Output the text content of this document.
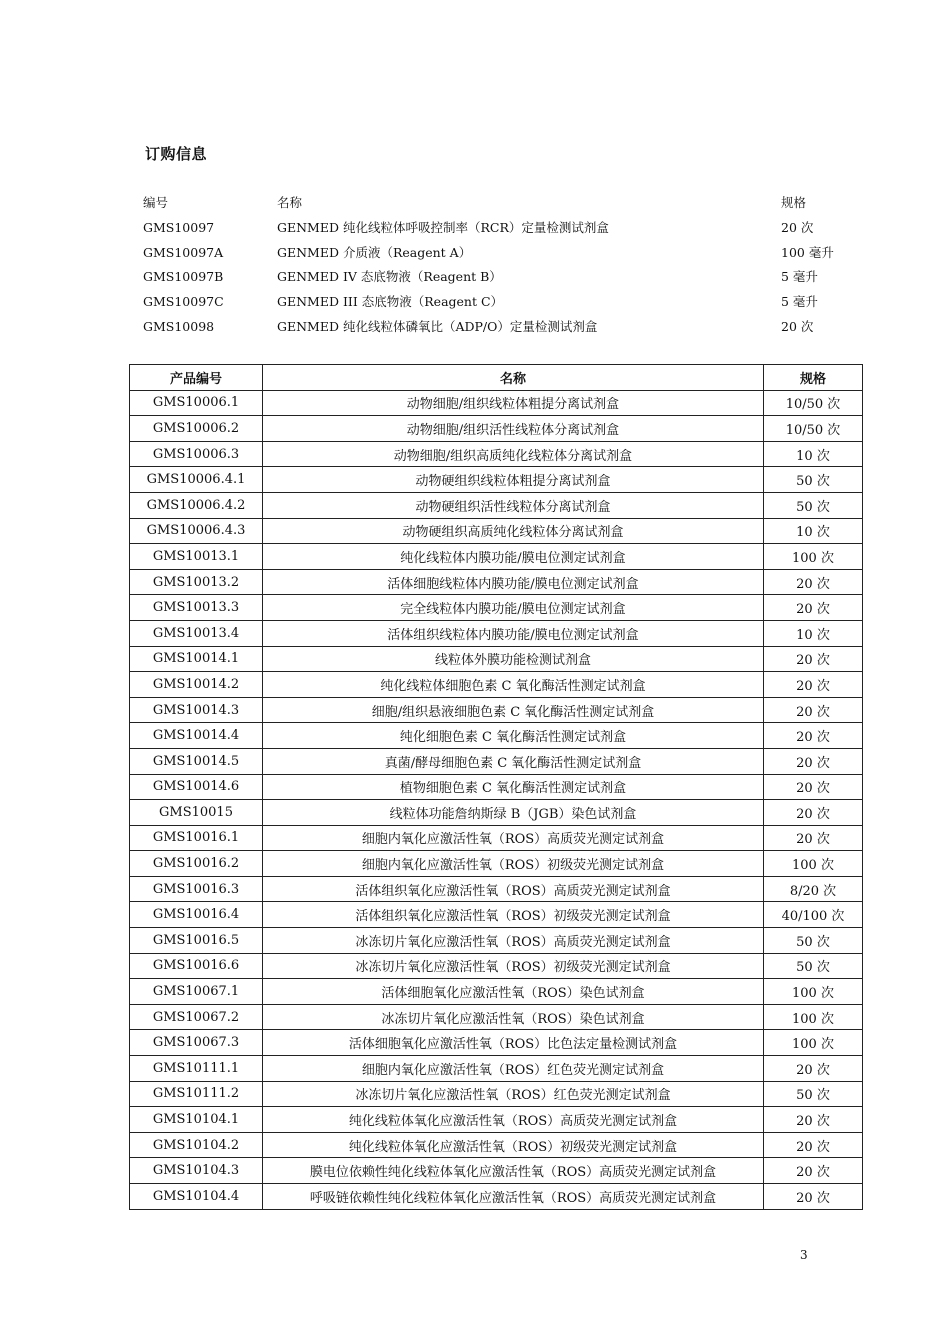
订购信息
编号	名称	规格
GMS10097	GENMED 纯化线粒体呼吸控制率（RCR）定量检测试剂盒	20 次
GMS10097A	GENMED 介质液（Reagent A）	100 毫升
GMS10097B	GENMED IV 态底物液（Reagent B）	5 毫升
GMS10097C	GENMED III 态底物液（Reagent C）	5 毫升
GMS10098	GENMED 纯化线粒体磷氧比（ADP/O）定量检测试剂盒	20 次
产品编号	名称	规格
GMS10006.1	动物细胞/组织线粒体粗提分离试剂盒	10/50 次
GMS10006.2	动物细胞/组织活性线粒体分离试剂盒	10/50 次
GMS10006.3	动物细胞/组织高质纯化线粒体分离试剂盒	10 次
GMS10006.4.1	动物硬组织线粒体粗提分离试剂盒	50 次
GMS10006.4.2	动物硬组织活性线粒体分离试剂盒	50 次
GMS10006.4.3	动物硬组织高质纯化线粒体分离试剂盒	10 次
GMS10013.1	纯化线粒体内膜功能/膜电位测定试剂盒	100 次
GMS10013.2	活体细胞线粒体内膜功能/膜电位测定试剂盒	20 次
GMS10013.3	完全线粒体内膜功能/膜电位测定试剂盒	20 次
GMS10013.4	活体组织线粒体内膜功能/膜电位测定试剂盒	10 次
GMS10014.1	线粒体外膜功能检测试剂盒	20 次
GMS10014.2	纯化线粒体细胞色素 C 氧化酶活性测定试剂盒	20 次
GMS10014.3	细胞/组织悬液细胞色素 C 氧化酶活性测定试剂盒	20 次
GMS10014.4	纯化细胞色素 C 氧化酶活性测定试剂盒	20 次
GMS10014.5	真菌/酵母细胞色素 C 氧化酶活性测定试剂盒	20 次
GMS10014.6	植物细胞色素 C 氧化酶活性测定试剂盒	20 次
GMS10015	线粒体功能詹纳斯绿 B（JGB）染色试剂盒	20 次
GMS10016.1	细胞内氧化应激活性氧（ROS）高质荧光测定试剂盒	20 次
GMS10016.2	细胞内氧化应激活性氧（ROS）初级荧光测定试剂盒	100 次
GMS10016.3	活体组织氧化应激活性氧（ROS）高质荧光测定试剂盒	8/20 次
GMS10016.4	活体组织氧化应激活性氧（ROS）初级荧光测定试剂盒	40/100 次
GMS10016.5	冰冻切片氧化应激活性氧（ROS）高质荧光测定试剂盒	50 次
GMS10016.6	冰冻切片氧化应激活性氧（ROS）初级荧光测定试剂盒	50 次
GMS10067.1	活体细胞氧化应激活性氧（ROS）染色试剂盒	100 次
GMS10067.2	冰冻切片氧化应激活性氧（ROS）染色试剂盒	100 次
GMS10067.3	活体细胞氧化应激活性氧（ROS）比色法定量检测试剂盒	100 次
GMS10111.1	细胞内氧化应激活性氧（ROS）红色荧光测定试剂盒	20 次
GMS10111.2	冰冻切片氧化应激活性氧（ROS）红色荧光测定试剂盒	50 次
GMS10104.1	纯化线粒体氧化应激活性氧（ROS）高质荧光测定试剂盒	20 次
GMS10104.2	纯化线粒体氧化应激活性氧（ROS）初级荧光测定试剂盒	20 次
GMS10104.3	膜电位依赖性纯化线粒体氧化应激活性氧（ROS）高质荧光测定试剂盒	20 次
GMS10104.4	呼吸链依赖性纯化线粒体氧化应激活性氧（ROS）高质荧光测定试剂盒	20 次
3
